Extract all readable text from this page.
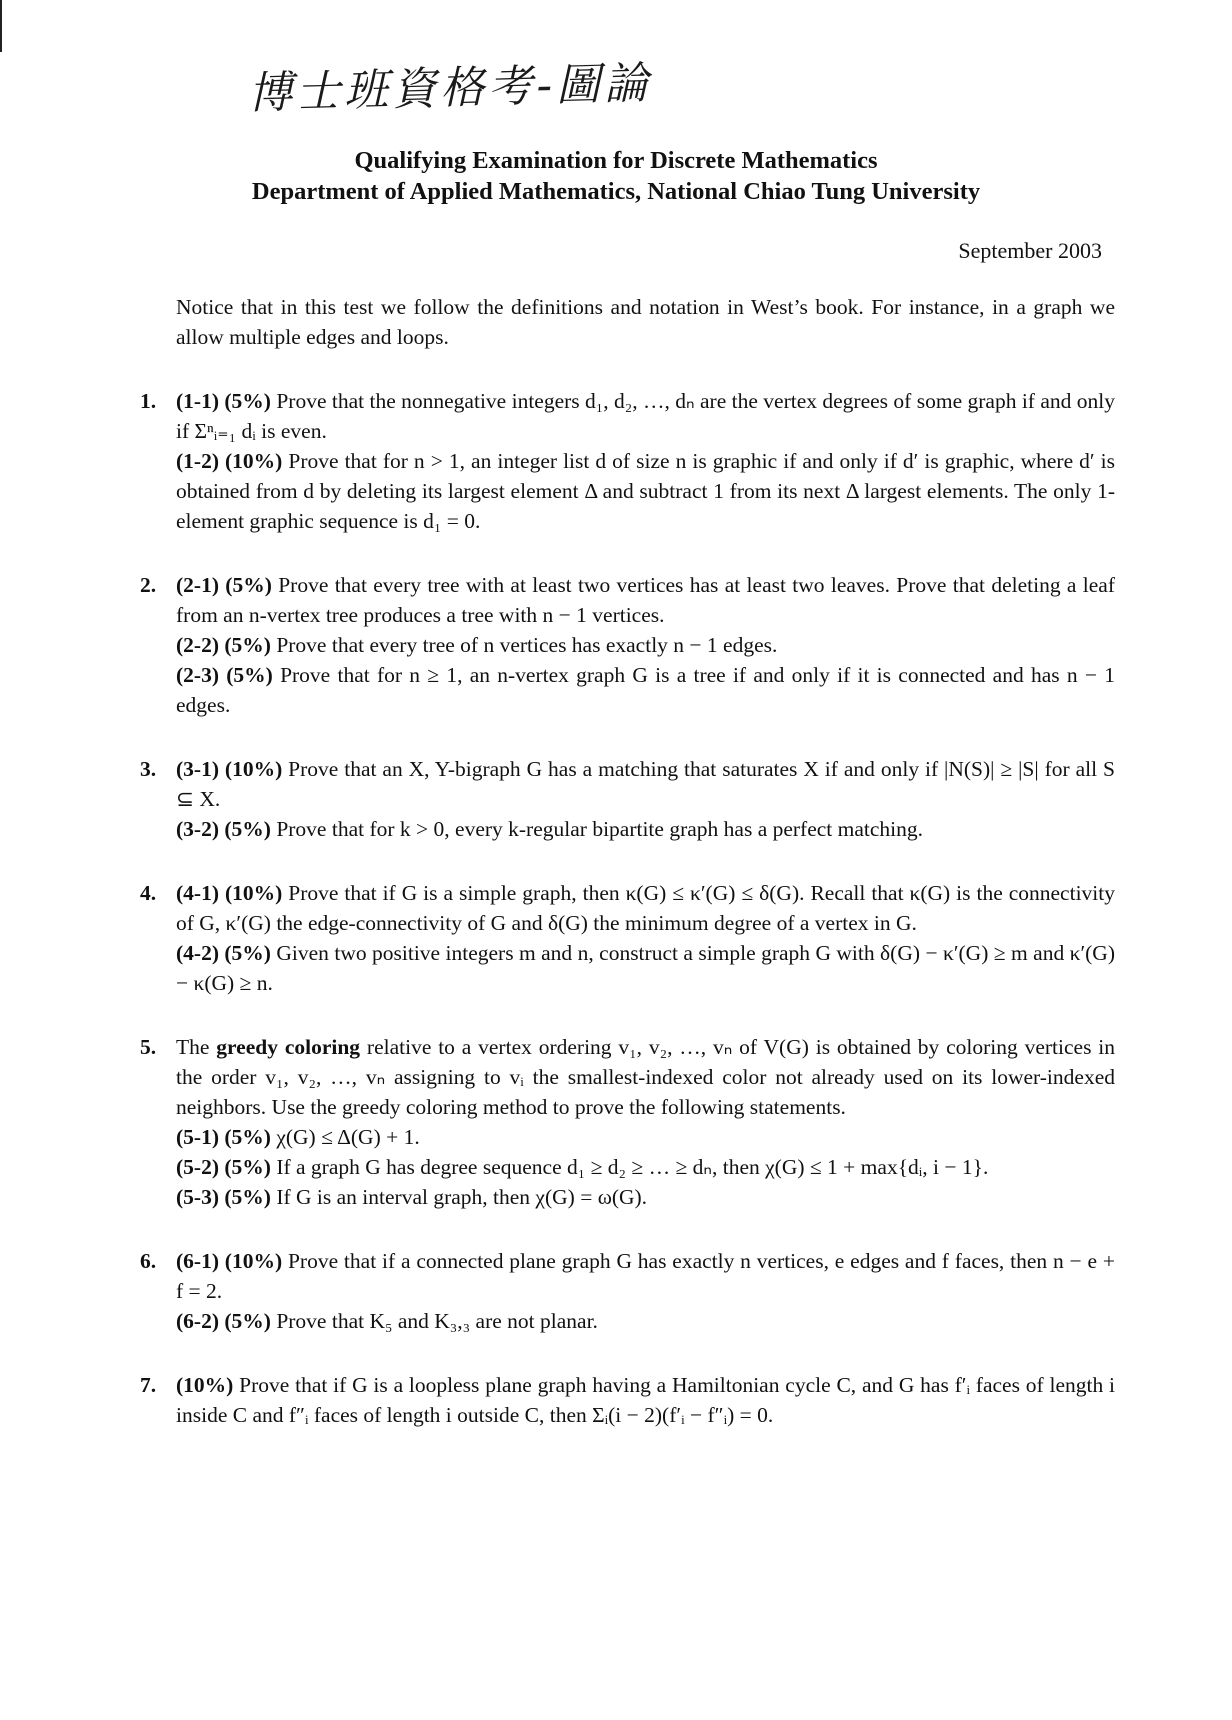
博士班資格考-圖論
Qualifying Examination for Discrete Mathematics
Department of Applied Mathematics, National Chiao Tung University
September 2003

Notice that in this test we follow the definitions and notation in West’s book. For instance, in a graph we allow multiple edges and loops.

1. (1-1) (5%) Prove that the nonnegative integers d₁, d₂, …, dₙ are the vertex degrees of some graph if and only if Σⁿᵢ₌₁ dᵢ is even.
(1-2) (10%) Prove that for n > 1, an integer list d of size n is graphic if and only if d′ is graphic, where d′ is obtained from d by deleting its largest element Δ and subtract 1 from its next Δ largest elements. The only 1-element graphic sequence is d₁ = 0.
2. (2-1) (5%) Prove that every tree with at least two vertices has at least two leaves. Prove that deleting a leaf from an n-vertex tree produces a tree with n − 1 vertices.
(2-2) (5%) Prove that every tree of n vertices has exactly n − 1 edges.
(2-3) (5%) Prove that for n ≥ 1, an n-vertex graph G is a tree if and only if it is connected and has n − 1 edges.
3. (3-1) (10%) Prove that an X, Y-bigraph G has a matching that saturates X if and only if |N(S)| ≥ |S| for all S ⊆ X.
(3-2) (5%) Prove that for k > 0, every k-regular bipartite graph has a perfect matching.
4. (4-1) (10%) Prove that if G is a simple graph, then κ(G) ≤ κ′(G) ≤ δ(G). Recall that κ(G) is the connectivity of G, κ′(G) the edge-connectivity of G and δ(G) the minimum degree of a vertex in G.
(4-2) (5%) Given two positive integers m and n, construct a simple graph G with δ(G) − κ′(G) ≥ m and κ′(G) − κ(G) ≥ n.
5. The greedy coloring relative to a vertex ordering v₁, v₂, …, vₙ of V(G) is obtained by coloring vertices in the order v₁, v₂, …, vₙ assigning to vᵢ the smallest-indexed color not already used on its lower-indexed neighbors. Use the greedy coloring method to prove the following statements.
(5-1) (5%) χ(G) ≤ Δ(G) + 1.
(5-2) (5%) If a graph G has degree sequence d₁ ≥ d₂ ≥ … ≥ dₙ, then χ(G) ≤ 1 + max{dᵢ, i − 1}.
(5-3) (5%) If G is an interval graph, then χ(G) = ω(G).
6. (6-1) (10%) Prove that if a connected plane graph G has exactly n vertices, e edges and f faces, then n − e + f = 2.
(6-2) (5%) Prove that K₅ and K₃,₃ are not planar.
7. (10%) Prove that if G is a loopless plane graph having a Hamiltonian cycle C, and G has f′ᵢ faces of length i inside C and f″ᵢ faces of length i outside C, then Σᵢ(i − 2)(f′ᵢ − f″ᵢ) = 0.
